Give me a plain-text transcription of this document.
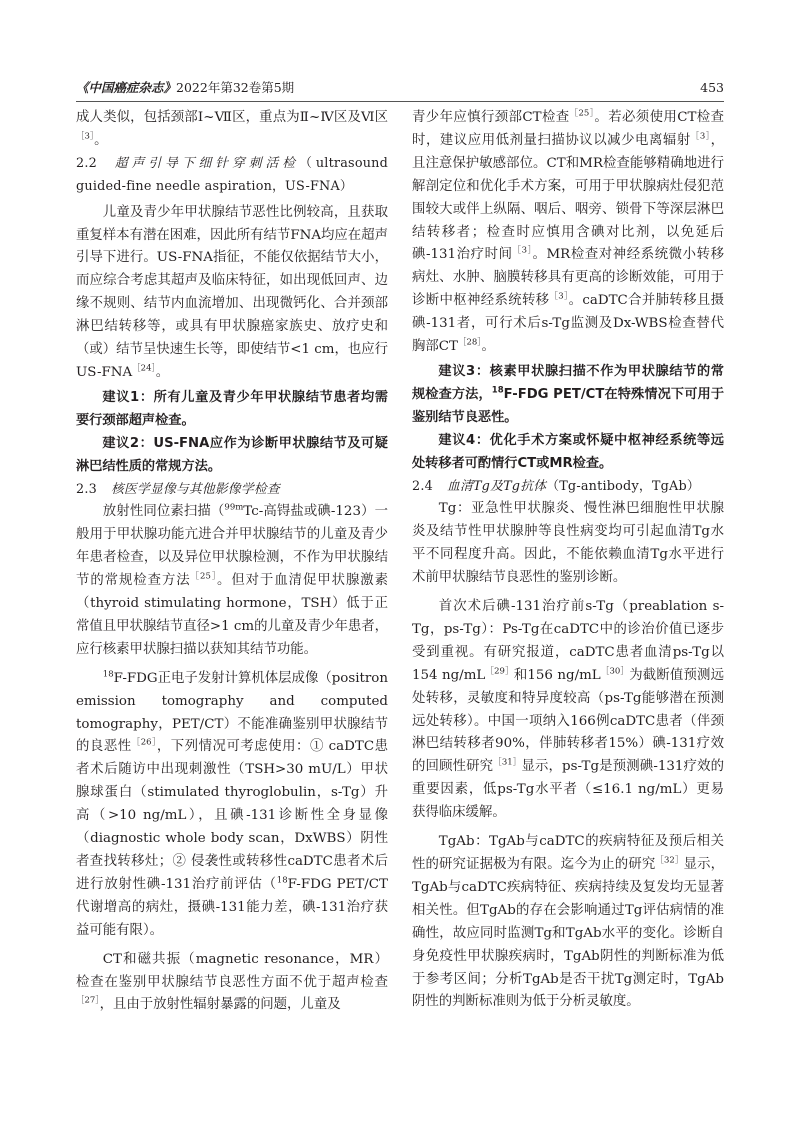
《中国癌症杂志》2022年第32卷第5期	453

成人类似，包括颈部Ⅰ~Ⅶ区，重点为Ⅱ~Ⅳ区及Ⅵ区$^{[3]}$。

2.2 超声引导下细针穿刺活检（ultrasound guided-fine needle aspiration，US-FNA）

儿童及青少年甲状腺结节恶性比例较高，且获取重复样本有潜在困难，因此所有结节FNA均应在超声引导下进行。US-FNA指征，不能仅依据结节大小，而应综合考虑其超声及临床特征，如出现低回声、边缘不规则、结节内血流增加、出现微钙化、合并颈部淋巴结转移等，或具有甲状腺癌家族史、放疗史和（或）结节呈快速生长等，即使结节<1 cm，也应行$US-FNA^{[24]}$。

建议1：所有儿童及青少年甲状腺结节患者均需要行颈部超声检查。

建议2：US-FNA应作为诊断甲状腺结节及可疑淋巴结性质的常规方法。

2.3 核医学显像与其他影像学检查

放射性同位素扫描（$^{99m}$Tc-高锝盐或碘-123）一般用于甲状腺功能亢进合并甲状腺结节的儿童及青少年患者检查，以及异位甲状腺检测，不作为甲状腺结节的常规检查方法$^{[25]}$。但对于血清促甲状腺激素（thyroid stimulating hormone，TSH）低于正常值且甲状腺结节直径>1 cm的儿童及青少年患者，应行核素甲状腺扫描以获知其结节功能。

$^{18}$F-FDG正电子发射计算机体层成像（positron emission tomography and computed tomography，PET/CT）不能准确鉴别甲状腺结节的良恶性$^{[26]}$，下列情况可考虑使用：① caDTC患者术后随访中出现刺激性（TSH>30 mU/L）甲状腺球蛋白（stimulated thyroglobulin，s-Tg）升高（>10 ng/mL），且碘-131诊断性全身显像（diagnostic whole body scan，DxWBS）阴性者查找转移灶；② 侵袭性或转移性caDTC患者术后进行放射性碘-131治疗前评估（$^{18}$F-FDG PET/CT代谢增高的病灶，摄碘-131能力差，碘-131治疗获益可能有限）。

CT和磁共振（magnetic resonance，MR）检查在鉴别甲状腺结节良恶性方面不优于超声检查$^{[27]}$，且由于放射性辐射暴露的问题，儿童及

青少年应慎行颈部CT检查$^{[25]}$。若必须使用CT检查时，建议应用低剂量扫描协议以减少电离辐射$^{[3]}$，且注意保护敏感部位。CT和MR检查能够精确地进行解剖定位和优化手术方案，可用于甲状腺病灶侵犯范围较大或伴上纵隔、咽后、咽旁、锁骨下等深层淋巴结转移者；检查时应慎用含碘对比剂，以免延后碘-131治疗时间$^{[3]}$。MR检查对神经系统微小转移病灶、水肿、脑膜转移具有更高的诊断效能，可用于诊断中枢神经系统转移$^{[3]}$。caDTC合并肺转移且摄碘-131者，可行术后s-Tg监测及Dx-WBS检查替代胸部$CT^{[28]}$。

建议3：核素甲状腺扫描不作为甲状腺结节的常规检查方法，$^{18}$F-FDG PET/CT在特殊情况下可用于鉴别结节良恶性。

建议4：优化手术方案或怀疑中枢神经系统等远处转移者可酌情行CT或MR检查。

2.4 血清Tg及Tg抗体（Tg-antibody，TgAb）

Tg：亚急性甲状腺炎、慢性淋巴细胞性甲状腺炎及结节性甲状腺肿等良性病变均可引起血清Tg水平不同程度升高。因此，不能依赖血清Tg水平进行术前甲状腺结节良恶性的鉴别诊断。

首次术后碘-131治疗前s-Tg（preablation s-Tg，ps-Tg）：Ps-Tg在caDTC中的诊治价值已逐步受到重视。有研究报道，caDTC患者血清ps-Tg以154 $ng/mL^{[29]}$和156 $ng/mL^{[30]}$为截断值预测远处转移，灵敏度和特异度较高（ps-Tg能够潜在预测远处转移）。中国一项纳入166例caDTC患者（伴颈淋巴结转移者90%，伴肺转移者15%）碘-131疗效的回顾性研究$^{[31]}$显示，ps-Tg是预测碘-131疗效的重要因素，低ps-Tg水平者（≤16.1 ng/mL）更易获得临床缓解。

TgAb：TgAb与caDTC的疾病特征及预后相关性的研究证据极为有限。迄今为止的研究$^{[32]}$显示，TgAb与caDTC疾病特征、疾病持续及复发均无显著相关性。但TgAb的存在会影响通过Tg评估病情的准确性，故应同时监测Tg和TgAb水平的变化。诊断自身免疫性甲状腺疾病时，TgAb阴性的判断标准为低于参考区间；分析TgAb是否干扰Tg测定时，TgAb阴性的判断标准则为低于分析灵敏度。
